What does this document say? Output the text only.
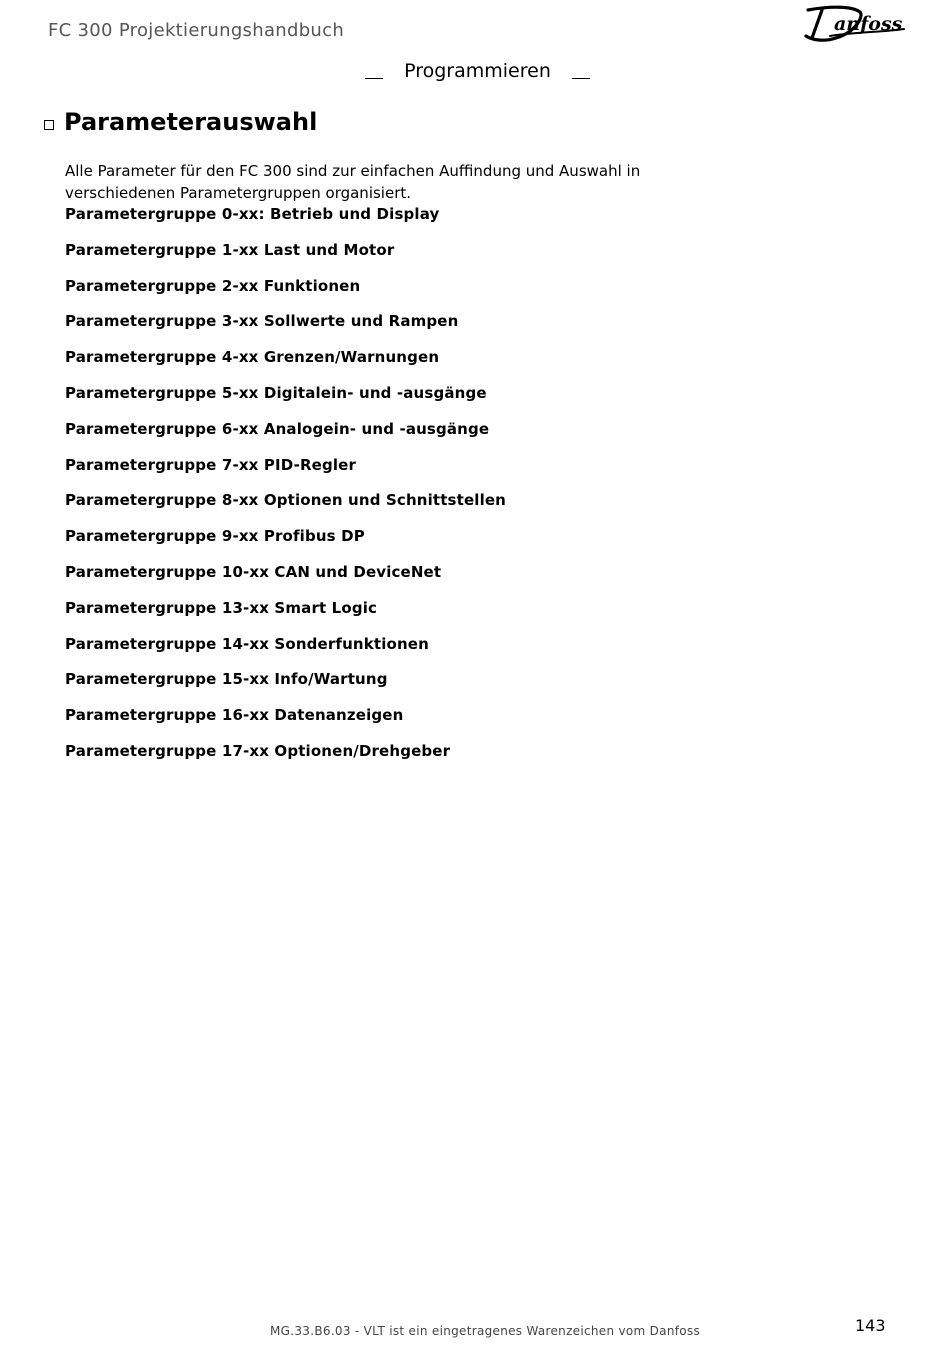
FC 300 Projektierungshandbuch	anfoss
Programmieren
Parameterauswahl
Alle Parameter für den FC 300 sind zur einfachen Auffindung und Auswahl in verschiedenen Parametergruppen organisiert.
Parametergruppe 0-xx: Betrieb und Display
Parametergruppe 1-xx Last und Motor
Parametergruppe 2-xx Funktionen
Parametergruppe 3-xx Sollwerte und Rampen
Parametergruppe 4-xx Grenzen/Warnungen
Parametergruppe 5-xx Digitalein- und -ausgänge
Parametergruppe 6-xx Analogein- und -ausgänge
Parametergruppe 7-xx PID-Regler
Parametergruppe 8-xx Optionen und Schnittstellen
Parametergruppe 9-xx Profibus DP
Parametergruppe 10-xx CAN und DeviceNet
Parametergruppe 13-xx Smart Logic
Parametergruppe 14-xx Sonderfunktionen
Parametergruppe 15-xx Info/Wartung
Parametergruppe 16-xx Datenanzeigen
Parametergruppe 17-xx Optionen/Drehgeber
MG.33.B6.03 - VLT ist ein eingetragenes Warenzeichen vom Danfoss	143
